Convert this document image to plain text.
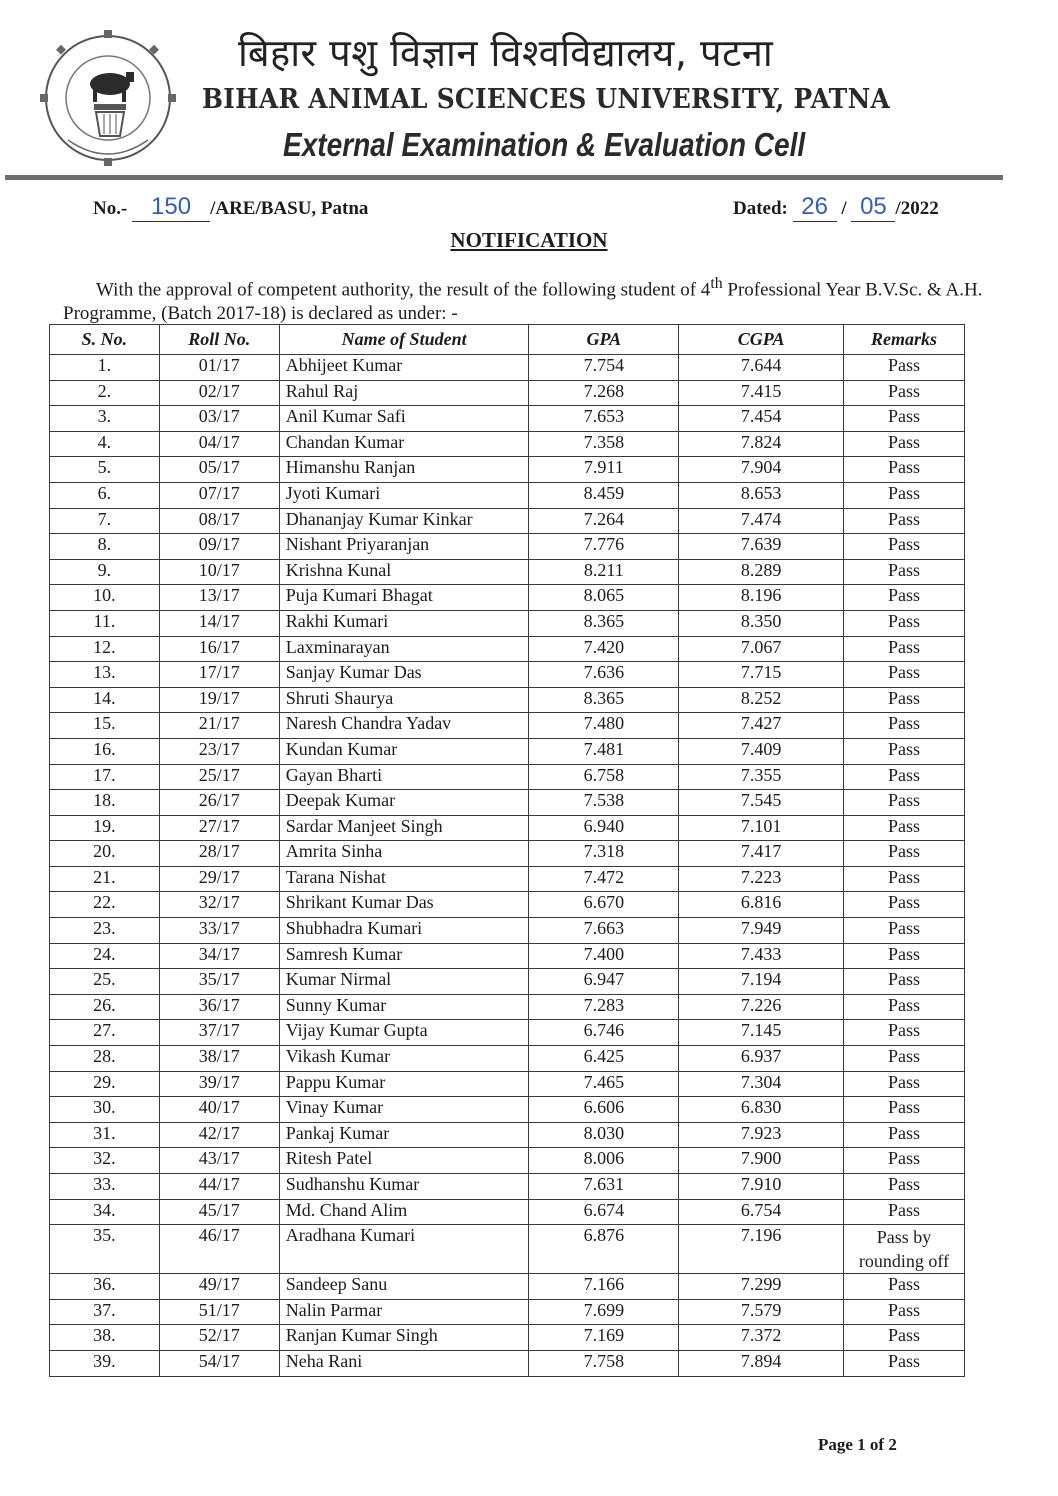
बिहार पशु विज्ञान विश्वविद्यालय, पटना
BIHAR ANIMAL SCIENCES UNIVERSITY, PATNA
External Examination & Evaluation Cell
No.- 150 /ARE/BASU, Patna	Dated: 26 / 05 /2022
NOTIFICATION
With the approval of competent authority, the result of the following student of 4th Professional Year B.V.Sc. & A.H. Programme, (Batch 2017-18) is declared as under: -
S. No.	Roll No.	Name of Student	GPA	CGPA	Remarks
1.	01/17	Abhijeet Kumar	7.754	7.644	Pass
2.	02/17	Rahul Raj	7.268	7.415	Pass
3.	03/17	Anil Kumar Safi	7.653	7.454	Pass
4.	04/17	Chandan Kumar	7.358	7.824	Pass
5.	05/17	Himanshu Ranjan	7.911	7.904	Pass
6.	07/17	Jyoti Kumari	8.459	8.653	Pass
7.	08/17	Dhananjay Kumar Kinkar	7.264	7.474	Pass
8.	09/17	Nishant Priyaranjan	7.776	7.639	Pass
9.	10/17	Krishna Kunal	8.211	8.289	Pass
10.	13/17	Puja Kumari Bhagat	8.065	8.196	Pass
11.	14/17	Rakhi Kumari	8.365	8.350	Pass
12.	16/17	Laxminarayan	7.420	7.067	Pass
13.	17/17	Sanjay Kumar Das	7.636	7.715	Pass
14.	19/17	Shruti Shaurya	8.365	8.252	Pass
15.	21/17	Naresh Chandra Yadav	7.480	7.427	Pass
16.	23/17	Kundan Kumar	7.481	7.409	Pass
17.	25/17	Gayan Bharti	6.758	7.355	Pass
18.	26/17	Deepak Kumar	7.538	7.545	Pass
19.	27/17	Sardar Manjeet Singh	6.940	7.101	Pass
20.	28/17	Amrita Sinha	7.318	7.417	Pass
21.	29/17	Tarana Nishat	7.472	7.223	Pass
22.	32/17	Shrikant Kumar Das	6.670	6.816	Pass
23.	33/17	Shubhadra Kumari	7.663	7.949	Pass
24.	34/17	Samresh Kumar	7.400	7.433	Pass
25.	35/17	Kumar Nirmal	6.947	7.194	Pass
26.	36/17	Sunny Kumar	7.283	7.226	Pass
27.	37/17	Vijay Kumar Gupta	6.746	7.145	Pass
28.	38/17	Vikash Kumar	6.425	6.937	Pass
29.	39/17	Pappu Kumar	7.465	7.304	Pass
30.	40/17	Vinay Kumar	6.606	6.830	Pass
31.	42/17	Pankaj Kumar	8.030	7.923	Pass
32.	43/17	Ritesh Patel	8.006	7.900	Pass
33.	44/17	Sudhanshu Kumar	7.631	7.910	Pass
34.	45/17	Md. Chand Alim	6.674	6.754	Pass
35.	46/17	Aradhana Kumari	6.876	7.196	Pass by rounding off
36.	49/17	Sandeep Sanu	7.166	7.299	Pass
37.	51/17	Nalin Parmar	7.699	7.579	Pass
38.	52/17	Ranjan Kumar Singh	7.169	7.372	Pass
39.	54/17	Neha Rani	7.758	7.894	Pass
Page 1 of 2
